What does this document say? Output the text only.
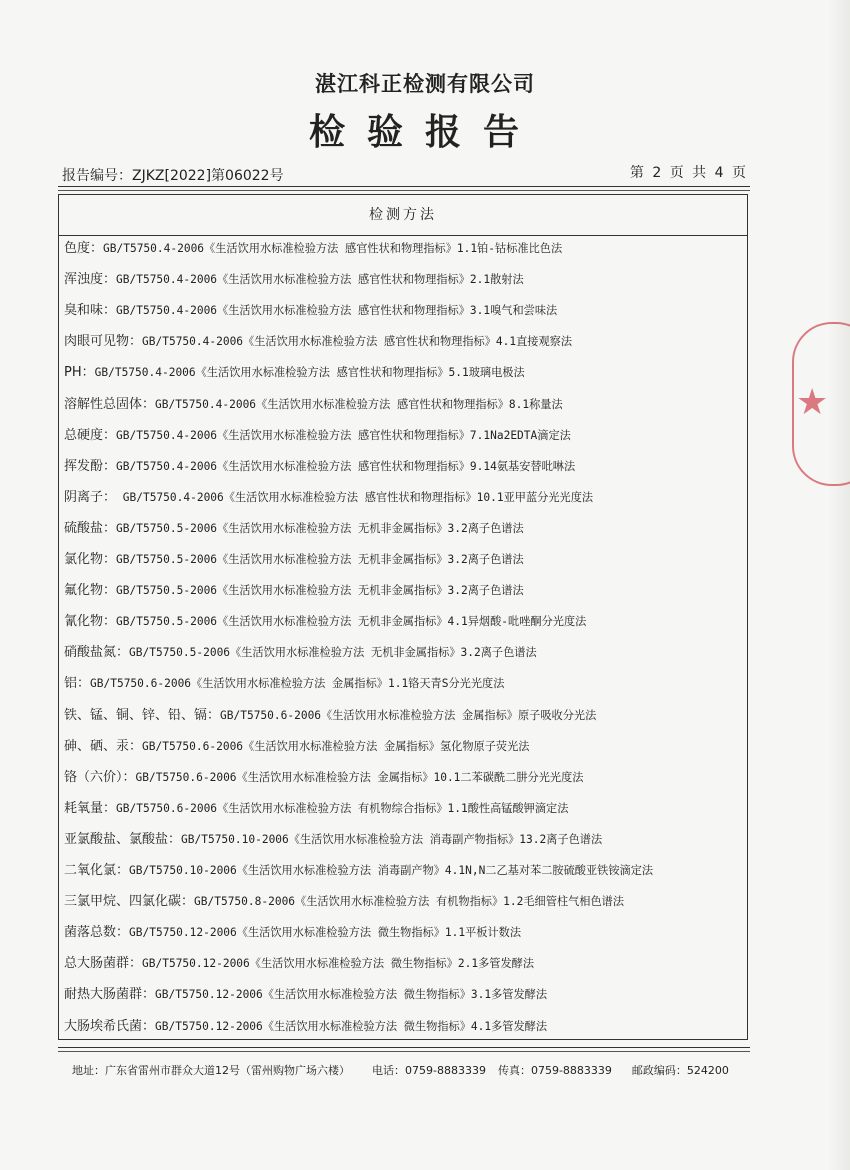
湛江科正检测有限公司
检验报告
报告编号：ZJKZ[2022]第06022号	第 2 页 共 4 页
检测方法
色度：GB/T5750.4-2006《生活饮用水标准检验方法 感官性状和物理指标》1.1铂-钴标准比色法
浑浊度：GB/T5750.4-2006《生活饮用水标准检验方法 感官性状和物理指标》2.1散射法
臭和味：GB/T5750.4-2006《生活饮用水标准检验方法 感官性状和物理指标》3.1嗅气和尝味法
肉眼可见物：GB/T5750.4-2006《生活饮用水标准检验方法 感官性状和物理指标》4.1直接观察法
PH：GB/T5750.4-2006《生活饮用水标准检验方法 感官性状和物理指标》5.1玻璃电极法
溶解性总固体：GB/T5750.4-2006《生活饮用水标准检验方法 感官性状和物理指标》8.1称量法
总硬度：GB/T5750.4-2006《生活饮用水标准检验方法 感官性状和物理指标》7.1Na2EDTA滴定法
挥发酚：GB/T5750.4-2006《生活饮用水标准检验方法 感官性状和物理指标》9.14氨基安替吡啉法
阴离子： GB/T5750.4-2006《生活饮用水标准检验方法 感官性状和物理指标》10.1亚甲蓝分光光度法
硫酸盐：GB/T5750.5-2006《生活饮用水标准检验方法 无机非金属指标》3.2离子色谱法
氯化物：GB/T5750.5-2006《生活饮用水标准检验方法 无机非金属指标》3.2离子色谱法
氟化物：GB/T5750.5-2006《生活饮用水标准检验方法 无机非金属指标》3.2离子色谱法
氰化物：GB/T5750.5-2006《生活饮用水标准检验方法 无机非金属指标》4.1异烟酸-吡唑酮分光度法
硝酸盐氮：GB/T5750.5-2006《生活饮用水标准检验方法 无机非金属指标》3.2离子色谱法
铝：GB/T5750.6-2006《生活饮用水标准检验方法 金属指标》1.1铬天青S分光光度法
铁、锰、铜、锌、铅、镉：GB/T5750.6-2006《生活饮用水标准检验方法 金属指标》原子吸收分光法
砷、硒、汞：GB/T5750.6-2006《生活饮用水标准检验方法 金属指标》氢化物原子荧光法
铬（六价）：GB/T5750.6-2006《生活饮用水标准检验方法 金属指标》10.1二苯碳酰二肼分光光度法
耗氧量：GB/T5750.6-2006《生活饮用水标准检验方法 有机物综合指标》1.1酸性高锰酸钾滴定法
亚氯酸盐、氯酸盐：GB/T5750.10-2006《生活饮用水标准检验方法 消毒副产物指标》13.2离子色谱法
二氧化氯：GB/T5750.10-2006《生活饮用水标准检验方法 消毒副产物》4.1N,N二乙基对苯二胺硫酸亚铁铵滴定法
三氯甲烷、四氯化碳：GB/T5750.8-2006《生活饮用水标准检验方法 有机物指标》1.2毛细管柱气相色谱法
菌落总数：GB/T5750.12-2006《生活饮用水标准检验方法 微生物指标》1.1平板计数法
总大肠菌群：GB/T5750.12-2006《生活饮用水标准检验方法 微生物指标》2.1多管发酵法
耐热大肠菌群：GB/T5750.12-2006《生活饮用水标准检验方法 微生物指标》3.1多管发酵法
大肠埃希氏菌：GB/T5750.12-2006《生活饮用水标准检验方法 微生物指标》4.1多管发酵法
地址：广东省雷州市群众大道12号（雷州购物广场六楼） 电话：0759-8883339 传真：0759-8883339 邮政编码：524200
★
